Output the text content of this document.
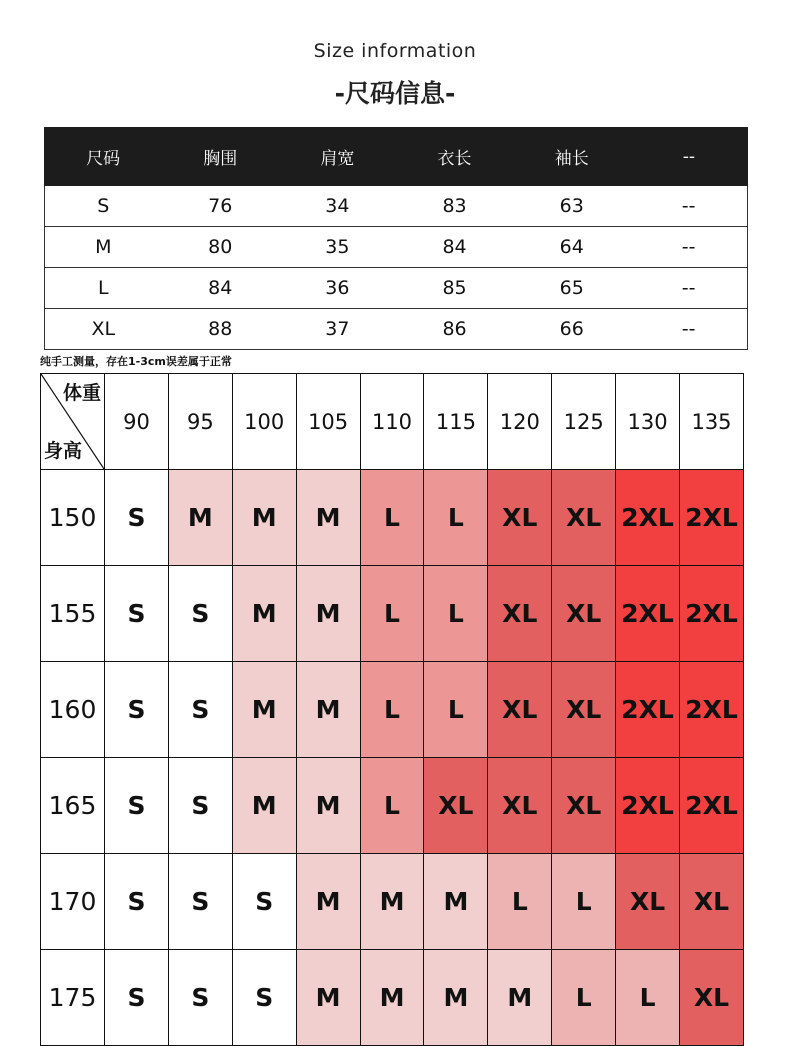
Size information
-尺码信息-
尺码	胸围	肩宽	衣长	袖长	--
S	76	34	83	63	--
M	80	35	84	64	--
L	84	36	85	65	--
XL	88	37	86	66	--
纯手工测量，存在1-3cm误差属于正常
体重
身高	90	95	100	105	110	115	120	125	130	135
150	S	M	M	M	L	L	XL	XL	2XL	2XL
155	S	S	M	M	L	L	XL	XL	2XL	2XL
160	S	S	M	M	L	L	XL	XL	2XL	2XL
165	S	S	M	M	L	XL	XL	XL	2XL	2XL
170	S	S	S	M	M	M	L	L	XL	XL
175	S	S	S	M	M	M	M	L	L	XL
